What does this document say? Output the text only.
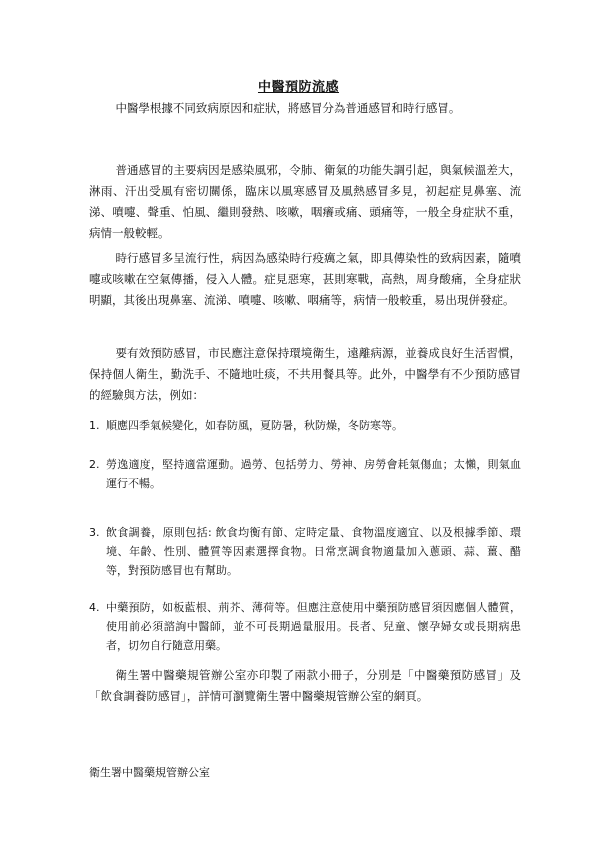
中醫預防流感

中醫學根據不同致病原因和症狀，將感冒分為普通感冒和時行感冒。

普通感冒的主要病因是感染風邪，令肺、衛氣的功能失調引起，與氣候溫差大，淋雨、汗出受風有密切關係，臨床以風寒感冒及風熱感冒多見，初起症見鼻塞、流涕、噴嚏、聲重、怕風、繼則發熱、咳嗽，咽癢或痛、頭痛等，一般全身症狀不重，病情一般較輕。

時行感冒多呈流行性，病因為感染時行疫癘之氣，即具傳染性的致病因素，隨噴嚏或咳嗽在空氣傳播，侵入人體。症見惡寒，甚則寒戰，高熱，周身酸痛，全身症狀明顯，其後出現鼻塞、流涕、噴嚏、咳嗽、咽痛等，病情一般較重，易出現併發症。

要有效預防感冒，市民應注意保持環境衛生，遠離病源，並養成良好生活習慣，保持個人衛生，勤洗手、不隨地吐痰，不共用餐具等。此外，中醫學有不少預防感冒的經驗與方法，例如：

1. 順應四季氣候變化，如春防風，夏防暑，秋防燥，冬防寒等。
2. 勞逸適度，堅持適當運動。過勞、包括勞力、勞神、房勞會耗氣傷血；太懶，則氣血運行不暢。
3. 飲食調養，原則包括: 飲食均衡有節、定時定量、食物溫度適宜、以及根據季節、環境、年齡、性別、體質等因素選擇食物。日常烹調食物適量加入蔥頭、蒜、薑、醋等，對預防感冒也有幫助。
4. 中藥預防，如板藍根、荊芥、薄荷等。但應注意使用中藥預防感冒須因應個人體質，使用前必須諮詢中醫師，並不可長期過量服用。長者、兒童、懷孕婦女或長期病患者，切勿自行隨意用藥。

衛生署中醫藥規管辦公室亦印製了兩款小冊子，分別是「中醫藥預防感冒」及 「飲食調養防感冒」，詳情可瀏覽衛生署中醫藥規管辦公室的網頁。

衛生署中醫藥規管辦公室
